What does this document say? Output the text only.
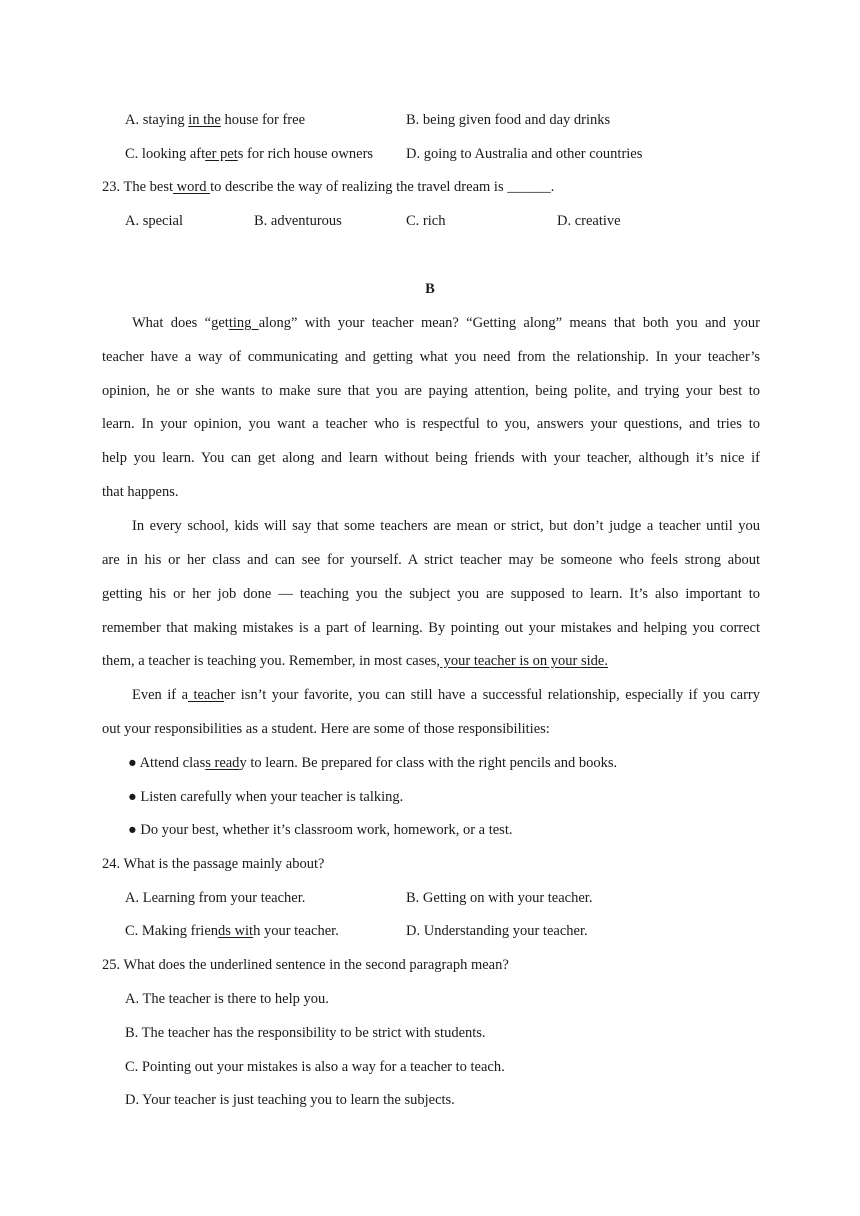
A. staying in the house for free	B. being given food and day drinks
C. looking after pets for rich house owners D. going to Australia and other countries
23. The best word to describe the way of realizing the travel dream is ______.
A. special	B. adventurous	C. rich	D. creative
B
What does “getting along” with your teacher mean? “Getting along” means that both you and your
teacher have a way of communicating and getting what you need from the relationship. In your teacher’s
opinion, he or she wants to make sure that you are paying attention, being polite, and trying your best to
learn. In your opinion, you want a teacher who is respectful to you, answers your questions, and tries to
help you learn. You can get along and learn without being friends with your teacher, although it’s nice if
that happens.
In every school, kids will say that some teachers are mean or strict, but don’t judge a teacher until you
are in his or her class and can see for yourself. A strict teacher may be someone who feels strong about
getting his or her job done — teaching you the subject you are supposed to learn. It’s also important to
remember that making mistakes is a part of learning. By pointing out your mistakes and helping you correct
them, a teacher is teaching you. Remember, in most cases, your teacher is on your side.
Even if a teacher isn’t your favorite, you can still have a successful relationship, especially if you carry
out your responsibilities as a student. Here are some of those responsibilities:
● Attend class ready to learn. Be prepared for class with the right pencils and books.
● Listen carefully when your teacher is talking.
● Do your best, whether it’s classroom work, homework, or a test.
24. What is the passage mainly about?
A. Learning from your teacher.	B. Getting on with your teacher.
C. Making friends with your teacher.	D. Understanding your teacher.
25. What does the underlined sentence in the second paragraph mean?
A. The teacher is there to help you.
B. The teacher has the responsibility to be strict with students.
C. Pointing out your mistakes is also a way for a teacher to teach.
D. Your teacher is just teaching you to learn the subjects.
